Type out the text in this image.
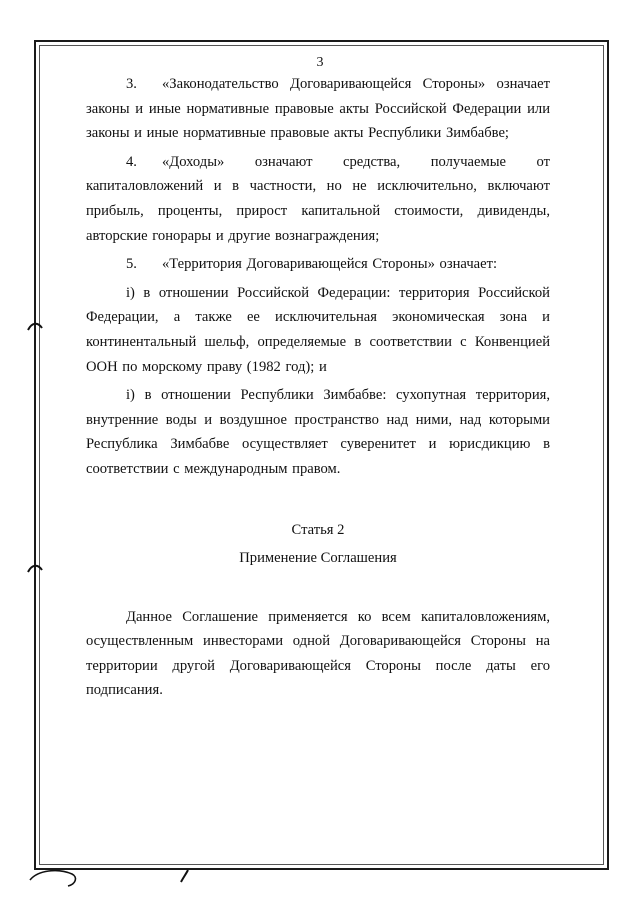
3

3. «Законодательство Договаривающейся Стороны» означает законы и иные нормативные правовые акты Российской Федерации или законы и иные нормативные правовые акты Республики Зимбабве;

4. «Доходы» означают средства, получаемые от капиталовложений и в частности, но не исключительно, включают прибыль, проценты, прирост капитальной стоимости, дивиденды, авторские гонорары и другие вознаграждения;

5. «Территория Договаривающейся Стороны» означает:

i) в отношении Российской Федерации: территория Российской Федерации, а также ее исключительная экономическая зона и континентальный шельф, определяемые в соответствии с Конвенцией ООН по морскому праву (1982 год); и

i) в отношении Республики Зимбабве: сухопутная территория, внутренние воды и воздушное пространство над ними, над которыми Республика Зимбабве осуществляет суверенитет и юрисдикцию в соответствии с международным правом.

Статья 2

Применение Соглашения

Данное Соглашение применяется ко всем капиталовложениям, осуществленным инвесторами одной Договаривающейся Стороны на территории другой Договаривающейся Стороны после даты его подписания.
